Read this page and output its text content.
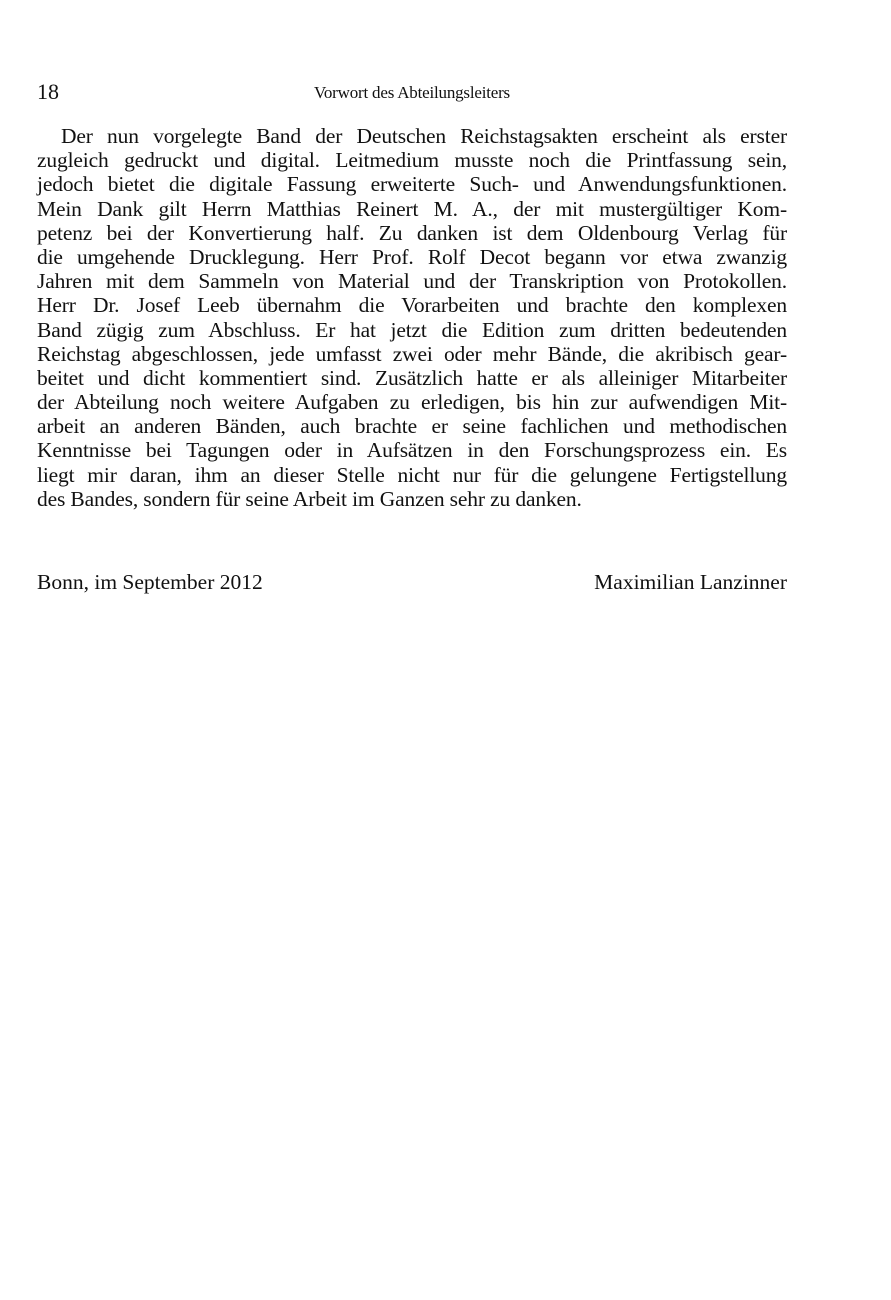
18	Vorwort des Abteilungsleiters
Der nun vorgelegte Band der Deutschen Reichstagsakten erscheint als erster
zugleich gedruckt und digital. Leitmedium musste noch die Printfassung sein,
jedoch bietet die digitale Fassung erweiterte Such- und Anwendungsfunktionen.
Mein Dank gilt Herrn Matthias Reinert M. A., der mit mustergültiger Kom-
petenz bei der Konvertierung half. Zu danken ist dem Oldenbourg Verlag für
die umgehende Drucklegung. Herr Prof. Rolf Decot begann vor etwa zwanzig
Jahren mit dem Sammeln von Material und der Transkription von Protokollen.
Herr Dr. Josef Leeb übernahm die Vorarbeiten und brachte den komplexen
Band zügig zum Abschluss. Er hat jetzt die Edition zum dritten bedeutenden
Reichstag abgeschlossen, jede umfasst zwei oder mehr Bände, die akribisch gear-
beitet und dicht kommentiert sind. Zusätzlich hatte er als alleiniger Mitarbeiter
der Abteilung noch weitere Aufgaben zu erledigen, bis hin zur aufwendigen Mit-
arbeit an anderen Bänden, auch brachte er seine fachlichen und methodischen
Kenntnisse bei Tagungen oder in Aufsätzen in den Forschungsprozess ein. Es
liegt mir daran, ihm an dieser Stelle nicht nur für die gelungene Fertigstellung
des Bandes, sondern für seine Arbeit im Ganzen sehr zu danken.
Bonn, im September 2012	Maximilian Lanzinner
